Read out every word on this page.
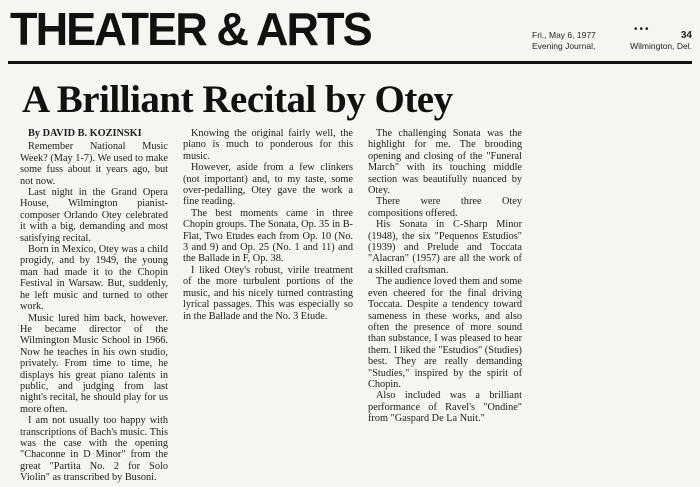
THEATER & ARTS	•••
Fri., May 6, 1977
Evening Journal,
34
Wilmington, Del.
A Brilliant Recital by Otey
By DAVID B. KOZINSKI

Remember National Music Week? (May 1-7). We used to make some fuss about it years ago, but not now.

Last night in the Grand Opera House, Wilmington pianist-composer Orlando Otey celebrated it with a big, demanding and most satisfying recital.

Born in Mexico, Otey was a child progidy, and by 1949, the young man had made it to the Chopin Festival in Warsaw. But, suddenly, he left music and turned to other work.

Music lured him back, however. He became director of the Wilmington Music School in 1966. Now he teaches in his own studio, privately. From time to time, he displays his great piano talents in public, and judging from last night's recital, he should play for us more often.

I am not usually too happy with transcriptions of Bach's music. This was the case with the opening "Chaconne in D Minor" from the great "Partita No. 2 for Solo Violin" as transcribed by Busoni.

Knowing the original fairly well, the piano is much to ponderous for this music.

However, aside from a few clinkers (not important) and, to my taste, some over-pedalling, Otey gave the work a fine reading.

The best moments came in three Chopin groups. The Sonata, Op. 35 in B-Flat, Two Etudes each from Op. 10 (No. 3 and 9) and Op. 25 (No. 1 and 11) and the Ballade in F, Op. 38.

I liked Otey's robust, virile treatment of the more turbulent portions of the music, and his nicely turned contrasting lyrical passages. This was especially so in the Ballade and the No. 3 Etude.

The challenging Sonata was the highlight for me. The brooding opening and closing of the "Funeral March" with its touching middle section was beautifully nuanced by Otey.

There were three Otey compositions offered.

His Sonata in C-Sharp Minor (1948), the six "Pequenos Estudios" (1939) and Prelude and Toccata "Alacran" (1957) are all the work of a skilled craftsman.

The audience loved them and some even cheered for the final driving Toccata. Despite a tendency toward sameness in these works, and also often the presence of more sound than substance, I was pleased to hear them. I liked the "Estudios" (Studies) best. They are really demanding "Studies," inspired by the spirit of Chopin.

Also included was a brilliant performance of Ravel's "Ondine" from "Gaspard De La Nuit."
